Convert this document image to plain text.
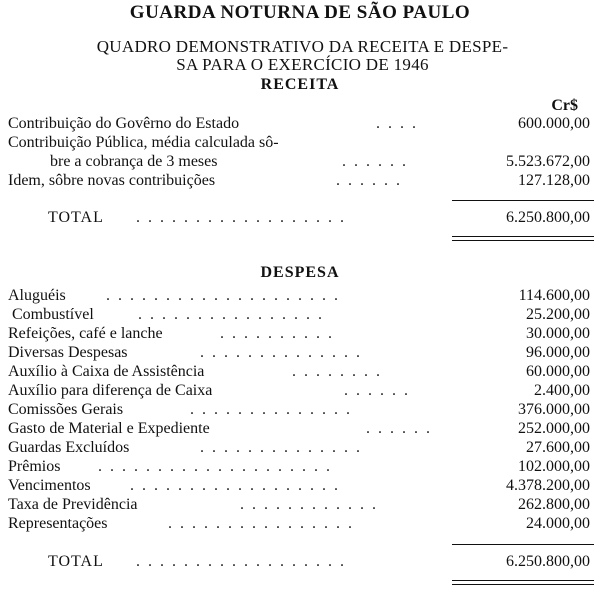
GUARDA NOTURNA DE SÃO PAULO
QUADRO DEMONSTRATIVO DA RECEITA E DESPE-
SA PARA O EXERCÍCIO DE 1946
RECEITA
Cr$
Contribuição do Govêrno do Estado	. . . .	600.000,00
Contribuição Pública, média calculada sô-
bre a cobrança de 3 meses	. . . . . .	5.523.672,00
Idem, sôbre novas contribuições	. . . . . .	127.128,00
TOTAL . . . . . . . . . . . . . . . . . .	6.250.800,00
DESPESA
Aluguéis	. . . . . . . . . . . . . . . . . . . .	114.600,00
Combustível	. . . . . . . . . . . . . . . .	25.200,00
Refeições, café e lanche	. . . . . . . . . .	30.000,00
Diversas Despesas	. . . . . . . . . . . . . .	96.000,00
Auxílio à Caixa de Assistência	. . . . . . . .	60.000,00
Auxílio para diferença de Caixa	. . . . . .	2.400,00
Comissões Gerais	. . . . . . . . . . . . . .	376.000,00
Gasto de Material e Expediente	. . . . . .	252.000,00
Guardas Excluídos	. . . . . . . . . . . . . .	27.600,00
Prêmios . . . . . . . . . . . . . . . . . . . .	102.000,00
Vencimentos . . . . . . . . . . . . . . . . . .	4.378.200,00
Taxa de Previdência	. . . . . . . . . . . .	262.800,00
Representações	. . . . . . . . . . . . . . . .	24.000,00
TOTAL . . . . . . . . . . . . . . . . . .	6.250.800,00
